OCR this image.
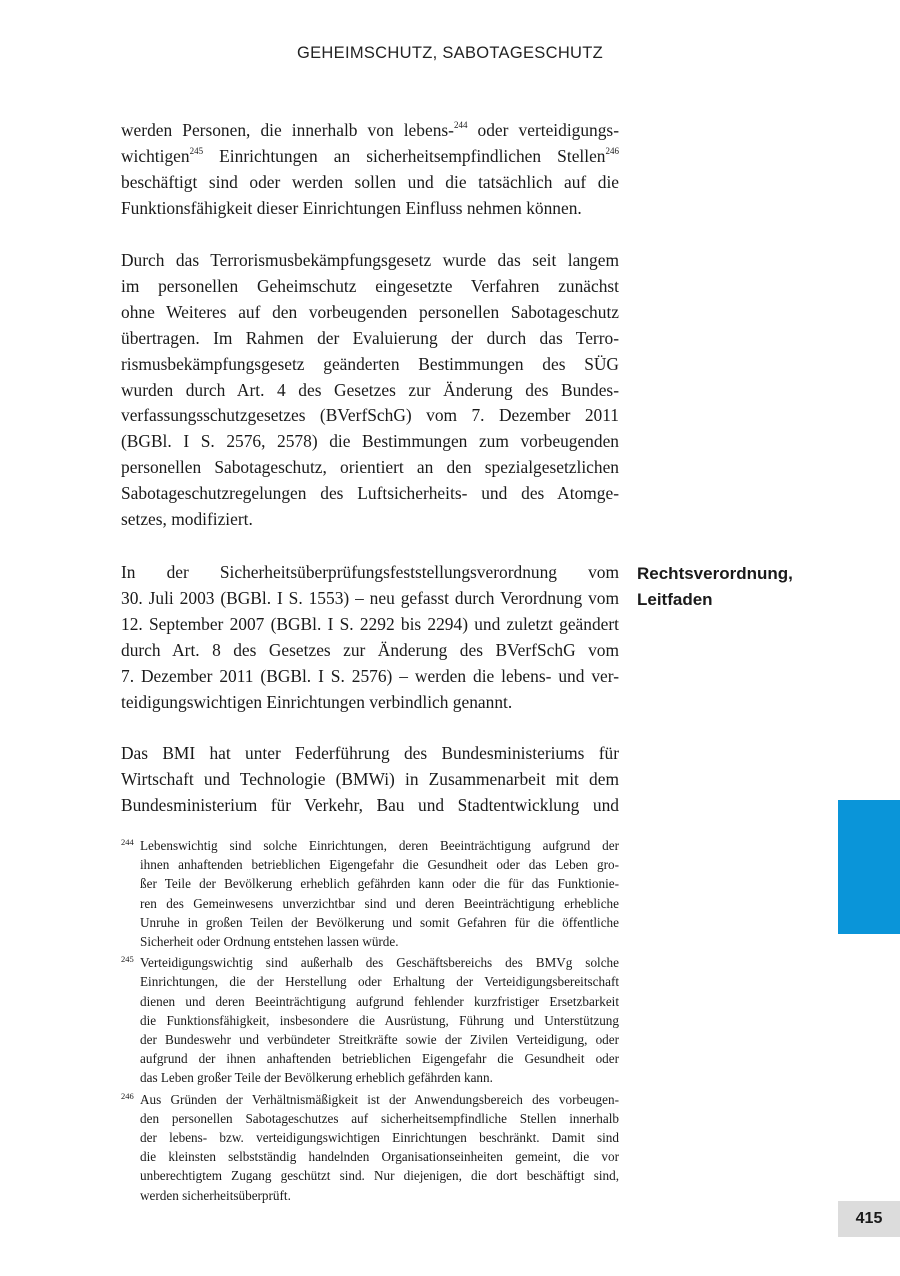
GEHEIMSCHUTZ, SABOTAGESCHUTZ
werden Personen, die innerhalb von lebens-$^{244}$ oder verteidigungs-
wichtigen$^{245}$ Einrichtungen an sicherheitsempfindlichen Stellen$^{246}$
beschäftigt sind oder werden sollen und die tatsächlich auf die
Funktionsfähigkeit dieser Einrichtungen Einfluss nehmen können.
Durch das Terrorismusbekämpfungsgesetz wurde das seit langem
im personellen Geheimschutz eingesetzte Verfahren zunächst
ohne Weiteres auf den vorbeugenden personellen Sabotageschutz
übertragen. Im Rahmen der Evaluierung der durch das Terro-
rismusbekämpfungsgesetz geänderten Bestimmungen des SÜG
wurden durch Art. 4 des Gesetzes zur Änderung des Bundes-
verfassungsschutzgesetzes (BVerfSchG) vom 7. Dezember 2011
(BGBl. I S. 2576, 2578) die Bestimmungen zum vorbeugenden
personellen Sabotageschutz, orientiert an den spezialgesetzlichen
Sabotageschutzregelungen des Luftsicherheits- und des Atomge-
setzes, modifiziert.
In der Sicherheitsüberprüfungsfeststellungsverordnung vom
30. Juli 2003 (BGBl. I S. 1553) – neu gefasst durch Verordnung vom
12. September 2007 (BGBl. I S. 2292 bis 2294) und zuletzt geändert
durch Art. 8 des Gesetzes zur Änderung des BVerfSchG vom
7. Dezember 2011 (BGBl. I S. 2576) – werden die lebens- und ver-
teidigungswichtigen Einrichtungen verbindlich genannt.
Das BMI hat unter Federführung des Bundesministeriums für
Wirtschaft und Technologie (BMWi) in Zusammenarbeit mit dem
Bundesministerium für Verkehr, Bau und Stadtentwicklung und
Rechtsverordnung,
Leitfaden
244 Lebenswichtig sind solche Einrichtungen, deren Beeinträchtigung aufgrund der
ihnen anhaftenden betrieblichen Eigengefahr die Gesundheit oder das Leben gro-
ßer Teile der Bevölkerung erheblich gefährden kann oder die für das Funktionie-
ren des Gemeinwesens unverzichtbar sind und deren Beeinträchtigung erhebliche
Unruhe in großen Teilen der Bevölkerung und somit Gefahren für die öffentliche
Sicherheit oder Ordnung entstehen lassen würde.
245 Verteidigungswichtig sind außerhalb des Geschäftsbereichs des BMVg solche
Einrichtungen, die der Herstellung oder Erhaltung der Verteidigungsbereitschaft
dienen und deren Beeinträchtigung aufgrund fehlender kurzfristiger Ersetzbarkeit
die Funktionsfähigkeit, insbesondere die Ausrüstung, Führung und Unterstützung
der Bundeswehr und verbündeter Streitkräfte sowie der Zivilen Verteidigung, oder
aufgrund der ihnen anhaftenden betrieblichen Eigengefahr die Gesundheit oder
das Leben großer Teile der Bevölkerung erheblich gefährden kann.
246 Aus Gründen der Verhältnismäßigkeit ist der Anwendungsbereich des vorbeugen-
den personellen Sabotageschutzes auf sicherheitsempfindliche Stellen innerhalb
der lebens- bzw. verteidigungswichtigen Einrichtungen beschränkt. Damit sind
die kleinsten selbstständig handelnden Organisationseinheiten gemeint, die vor
unberechtigtem Zugang geschützt sind. Nur diejenigen, die dort beschäftigt sind,
werden sicherheitsüberprüft.
415
